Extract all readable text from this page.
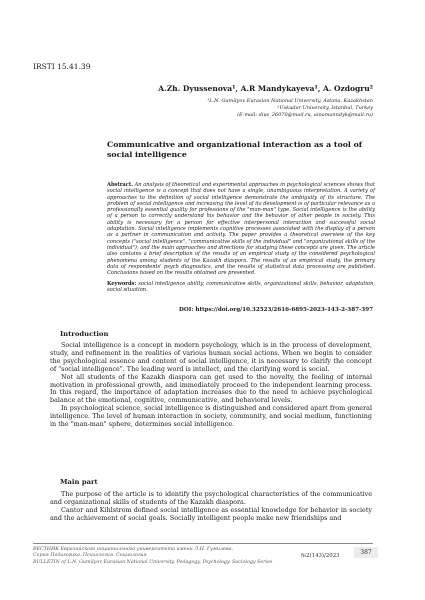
IRSTI 15.41.39
A.Zh. Dyussenova¹, A.R Mandykayeva¹, A. Ozdogru²
¹L.N. Gumilyov Eurasian National University, Astana, Kazakhstan
²Uskudar University, Istanbul, Turkey
(E-mail: dius_26070@mail.ru, ainamanndyk@mail.ru)
Communicative and organizational interaction as a tool of social intelligence
Abstract. An analysis of theoretical and experimental approaches in psychological sciences shows that social intelligence is a concept that does not have a single, unambiguous interpretation. A variety of approaches to the definition of social intelligence demonstrate the ambiguity of its structure. The problem of social intelligence and increasing the level of its development is of particular relevance as a professionally essential quality for professions of the "man-man" type. Social intelligence is the ability of a person to correctly understand his behavior and the behavior of other people in society. This ability is necessary for a person for effective interpersonal interaction and successful social adaptation. Social intelligence implements cognitive processes associated with the display of a person as a partner in communication and activity. The paper provides a theoretical overview of the key concepts ("social intelligence", "communicative skills of the individual" and "organizational skills of the individual"), and the main approaches and directions for studying these concepts are given. The article also contains a brief description of the results of an empirical study of the considered psychological phenomena among students of the Kazakh diaspora. The results of an empirical study, the primary data of respondents' psych diagnostics, and the results of statistical data processing are published. Conclusions based on the results obtained are presented.
Keywords: social intelligence ability, communicative skills, organizational skills, behavior, adaptation, social situation.
DOI: https://doi.org/10.32523/2616-6895-2023-143-2-387-397
Introduction

Social intelligence is a concept in modern psychology, which is in the process of development, study, and refinement in the realities of various human social actions. When we begin to consider the psychological essence and content of social intelligence, it is necessary to clarify the concept of "social intelligence". The leading word is intellect, and the clarifying word is social.

Not all students of the Kazakh diaspora can get used to the novelty, the feeling of internal motivation in professional growth, and immediately proceed to the independent learning process. In this regard, the importance of adaptation increases due to the need to achieve psychological balance at the emotional, cognitive, communicative, and behavioral levels.

In psychological science, social intelligence is distinguished and considered apart from general intelligence. The level of human interaction in society, community, and social medium, functioning in the "man-man" sphere, determines social intelligence.

Main part

The purpose of the article is to identify the psychological characteristics of the communicative and organizational skills of students of the Kazakh diaspora.

Cantor and Kihlstrom defined social intelligence as essential knowledge for behavior in society and the achievement of social goals. Socially intelligent people make new friendships and

ВЕСТНИК Евразийского национального университета имени Л.Н. Гумилева.
Серия Педагогика. Психология. Социология
BULLETIN of L.N. Gumilyov Eurasian National University. Pedagogy. Psychology. Sociology Series
№2(143)/2023	387
